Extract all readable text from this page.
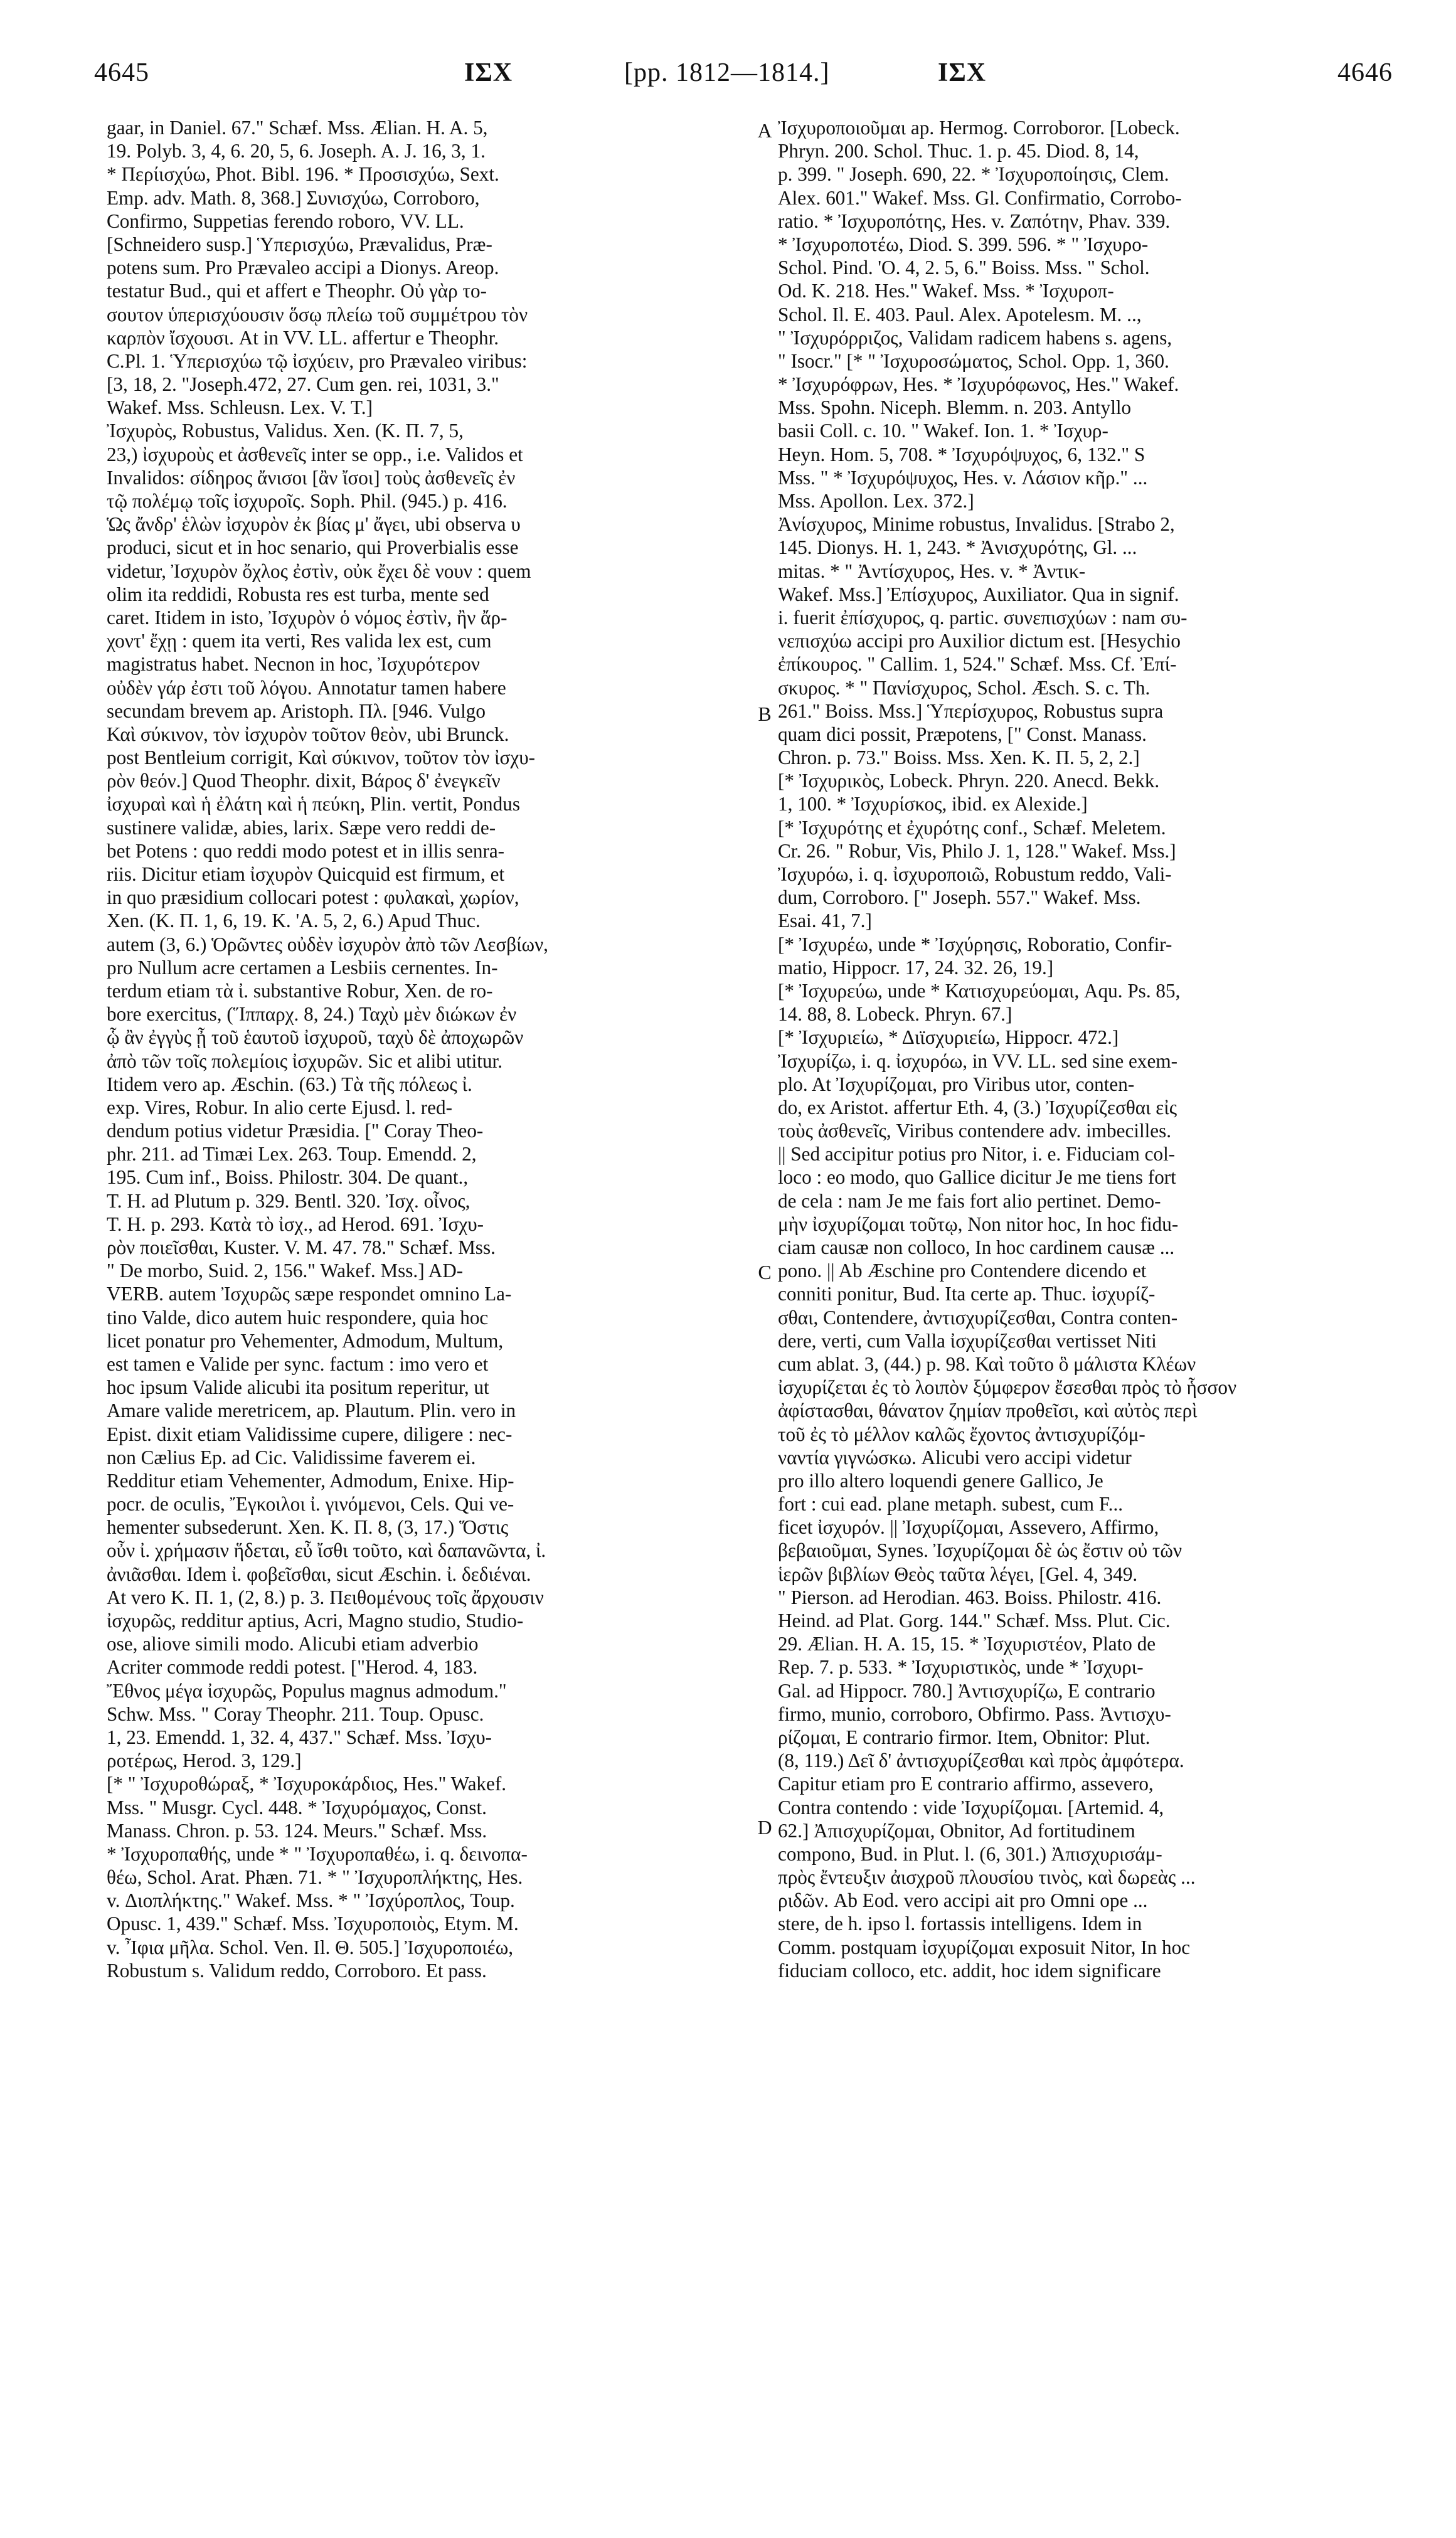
4645	ΙΣΧ	[pp. 1812—1814.]	ΙΣΧ	4646
gaar, in Daniel. 67." Schæf. Mss. Ælian. H. A. 5,
19. Polyb. 3, 4, 6. 20, 5, 6. Joseph. A. J. 16, 3, 1.
* Περίισχύω, Phot. Bibl. 196. * Προσισχύω, Sext.
Emp. adv. Math. 8, 368.] Συνισχύω, Corroboro,
Confirmo, Suppetias ferendo roboro, VV. LL.
[Schneidero susp.] Ὑπερισχύω, Prævalidus, Præ-
potens sum. Pro Prævaleo accipi a Dionys. Areop.
testatur Bud., qui et affert e Theophr. Οὐ γὰρ το-
σουτον ὑπερισχύουσιν ὅσῳ πλείω τοῦ συμμέτρου τὸν
καρπὸν ἴσχουσι. At in VV. LL. affertur e Theophr.
C.Pl. 1. Ὑπερισχύω τῷ ἰσχύειν, pro Prævaleo viribus:
[3, 18, 2. "Joseph.472, 27. Cum gen. rei, 1031, 3."
Wakef. Mss. Schleusn. Lex. V. T.]
Ἰσχυρὸς, Robustus, Validus. Xen. (K. Π. 7, 5,
23,) ἰσχυροὺς et ἀσθενεῖς inter se opp., i.e. Validos et
Invalidos: σίδηρος ἄνισοι [ἂν ἴσοι] τοὺς ἀσθενεῖς ἐν
τῷ πολέμῳ τοῖς ἰσχυροῖς. Soph. Phil. (945.) p. 416.
Ὡς ἄνδρ' ἑλὼν ἰσχυρὸν ἐκ βίας μ' ἄγει, ubi observa υ
produci, sicut et in hoc senario, qui Proverbialis esse
videtur, Ἰσχυρὸν ὄχλος ἐστὶν, οὐκ ἔχει δὲ νουν : quem
olim ita reddidi, Robusta res est turba, mente sed
caret. Itidem in isto, Ἰσχυρὸν ὁ νόμος ἐστὶν, ἢν ἄρ-
χοντ' ἔχῃ : quem ita verti, Res valida lex est, cum
magistratus habet. Necnon in hoc, Ἰσχυρότερον
οὐδὲν γάρ ἐστι τοῦ λόγου. Annotatur tamen habere
secundam brevem ap. Aristoph. Πλ. [946. Vulgo
Καὶ σύκινον, τὸν ἰσχυρὸν τοῦτον θεὸν, ubi Brunck.
post Bentleium corrigit, Καὶ σύκινον, τοῦτον τὸν ἰσχυ-
ρὸν θεόν.] Quod Theophr. dixit, Βάρος δ' ἐνεγκεῖν
ἰσχυραὶ καὶ ἡ ἐλάτη καὶ ἡ πεύκη, Plin. vertit, Pondus
sustinere validæ, abies, larix. Sæpe vero reddi de-
bet Potens : quo reddi modo potest et in illis senra-
riis. Dicitur etiam ἰσχυρὸν Quicquid est firmum, et
in quo præsidium collocari potest : φυλακαὶ, χωρίον,
Xen. (K. Π. 1, 6, 19. K. 'A. 5, 2, 6.) Apud Thuc.
autem (3, 6.) Ὁρῶντες οὐδὲν ἰσχυρὸν ἀπὸ τῶν Λεσβίων,
pro Nullum acre certamen a Lesbiis cernentes. In-
terdum etiam τὰ ἰ. substantive Robur, Xen. de ro-
bore exercitus, (Ἵππαρχ. 8, 24.) Ταχὺ μὲν διώκων ἐν
ᾧ ἂν ἐγγὺς ᾖ τοῦ ἑαυτοῦ ἰσχυροῦ, ταχὺ δὲ ἀποχωρῶν
ἀπὸ τῶν τοῖς πολεμίοις ἰσχυρῶν. Sic et alibi utitur.
Itidem vero ap. Æschin. (63.) Τὰ τῆς πόλεως ἰ.
exp. Vires, Robur. In alio certe Ejusd. l. red-
dendum potius videtur Præsidia. [" Coray Theo-
phr. 211. ad Timæi Lex. 263. Toup. Emendd. 2,
195. Cum inf., Boiss. Philostr. 304. De quant.,
T. H. ad Plutum p. 329. Bentl. 320. Ἰσχ. οἶνος,
T. H. p. 293. Κατὰ τὸ ἰσχ., ad Herod. 691. Ἰσχυ-
ρὸν ποιεῖσθαι, Kuster. V. M. 47. 78." Schæf. Mss.
" De morbo, Suid. 2, 156." Wakef. Mss.] AD-
VERB. autem Ἰσχυρῶς sæpe respondet omnino La-
tino Valde, dico autem huic respondere, quia hoc
licet ponatur pro Vehementer, Admodum, Multum,
est tamen e Valide per sync. factum : imo vero et
hoc ipsum Valide alicubi ita positum reperitur, ut
Amare valide meretricem, ap. Plautum. Plin. vero in
Epist. dixit etiam Validissime cupere, diligere : nec-
non Cælius Ep. ad Cic. Validissime faverem ei.
Redditur etiam Vehementer, Admodum, Enixe. Hip-
pocr. de oculis, Ἔγκοιλοι ἰ. γινόμενοι, Cels. Qui ve-
hementer subsederunt. Xen. K. Π. 8, (3, 17.) Ὅστις
οὖν ἰ. χρήμασιν ἥδεται, εὖ ἴσθι τοῦτο, καὶ δαπανῶντα, ἰ.
ἀνιᾶσθαι. Idem ἰ. φοβεῖσθαι, sicut Æschin. ἰ. δεδιέναι.
At vero K. Π. 1, (2, 8.) p. 3. Πειθομένους τοῖς ἄρχουσιν
ἰσχυρῶς, redditur aptius, Acri, Magno studio, Studio-
ose, aliove simili modo. Alicubi etiam adverbio
Acriter commode reddi potest. ["Herod. 4, 183.
Ἔθνος μέγα ἰσχυρῶς, Populus magnus admodum."
Schw. Mss. " Coray Theophr. 211. Toup. Opusc.
1, 23. Emendd. 1, 32. 4, 437." Schæf. Mss. Ἰσχυ-
ροτέρως, Herod. 3, 129.]
[* " Ἰσχυροθώραξ, * Ἰσχυροκάρδιος, Hes." Wakef.
Mss. " Musgr. Cycl. 448. * Ἰσχυρόμαχος, Const.
Manass. Chron. p. 53. 124. Meurs." Schæf. Mss.
* Ἰσχυροπαθής, unde * " Ἰσχυροπαθέω, i. q. δεινοπα-
θέω, Schol. Arat. Phæn. 71. * " Ἰσχυροπλήκτης, Hes.
v. Διοπλήκτης." Wakef. Mss. * " Ἰσχύροπλος, Toup.
Opusc. 1, 439." Schæf. Mss. Ἰσχυροποιὸς, Etym. M.
v. Ἶφια μῆλα. Schol. Ven. Il. Θ. 505.] Ἰσχυροποιέω,
Robustum s. Validum reddo, Corroboro. Et pass.
Ἰσχυροποιοῦμαι ap. Hermog. Corroboror. [Lobeck.
Phryn. 200. Schol. Thuc. 1. p. 45. Diod. 8, 14,
p. 399. " Joseph. 690, 22. * Ἰσχυροποίησις, Clem.
Alex. 601." Wakef. Mss. Gl. Confirmatio, Corrobo-
ratio. * Ἰσχυροπότης, Hes. v. Ζαπότην, Phav. 339.
* Ἰσχυροποτέω, Diod. S. 399. 596. * " Ἰσχυρο-
Schol. Pind. 'O. 4, 2. 5, 6." Boiss. Mss. " Schol.
Od. K. 218. Hes." Wakef. Mss. * Ἰσχυροπ-
Schol. Il. E. 403. Paul. Alex. Apotelesm. M. ..,
" Ἰσχυρόρριζος, Validam radicem habens s. agens,
" Isocr." [* " Ἰσχυροσώματος, Schol. Opp. 1, 360.
* Ἰσχυρόφρων, Hes. * Ἰσχυρόφωνος, Hes." Wakef.
Mss. Spohn. Niceph. Blemm. n. 203. Antyllo
basii Coll. c. 10. " Wakef. Ion. 1. * Ἰσχυρ-
Heyn. Hom. 5, 708. * Ἰσχυρόψυχος, 6, 132." S
Mss. " * Ἰσχυρόψυχος, Hes. v. Λάσιον κῆρ." ...
Mss. Apollon. Lex. 372.]
Ἀνίσχυρος, Minime robustus, Invalidus. [Strabo 2,
145. Dionys. H. 1, 243. * Ἀνισχυρότης, Gl. ...
mitas. * " Ἀντίσχυρος, Hes. v. * Ἀντικ-
Wakef. Mss.] Ἐπίσχυρος, Auxiliator. Qua in signif.
i. fuerit ἐπίσχυρος, q. partic. συνεπισχύων : nam συ-
νεπισχύω accipi pro Auxilior dictum est. [Hesychio
ἐπίκουρος. " Callim. 1, 524." Schæf. Mss. Cf. Ἐπί-
σκυρος. * " Πανίσχυρος, Schol. Æsch. S. c. Th.
261." Boiss. Mss.] Ὑπερίσχυρος, Robustus supra
quam dici possit, Præpotens, [" Const. Manass.
Chron. p. 73." Boiss. Mss. Xen. K. Π. 5, 2, 2.]
[* Ἰσχυρικὸς, Lobeck. Phryn. 220. Anecd. Bekk.
1, 100. * Ἰσχυρίσκος, ibid. ex Alexide.]
[* Ἰσχυρότης et ἐχυρότης conf., Schæf. Meletem.
Cr. 26. " Robur, Vis, Philo J. 1, 128." Wakef. Mss.]
Ἰσχυρόω, i. q. ἰσχυροποιῶ, Robustum reddo, Vali-
dum, Corroboro. [" Joseph. 557." Wakef. Mss.
Esai. 41, 7.]
[* Ἰσχυρέω, unde * Ἰσχύρησις, Roboratio, Confir-
matio, Hippocr. 17, 24. 32. 26, 19.]
[* Ἰσχυρεύω, unde * Κατισχυρεύομαι, Aqu. Ps. 85,
14. 88, 8. Lobeck. Phryn. 67.]
[* Ἰσχυριείω, * Διϊσχυριείω, Hippocr. 472.]
Ἰσχυρίζω, i. q. ἰσχυρόω, in VV. LL. sed sine exem-
plo. At Ἰσχυρίζομαι, pro Viribus utor, conten-
do, ex Aristot. affertur Eth. 4, (3.) Ἰσχυρίζεσθαι εἰς
τοὺς ἀσθενεῖς, Viribus contendere adv. imbecilles.
|| Sed accipitur potius pro Nitor, i. e. Fiduciam col-
loco : eo modo, quo Gallice dicitur Je me tiens fort
de cela : nam Je me fais fort alio pertinet. Demo-
μὴν ἰσχυρίζομαι τοῦτῳ, Non nitor hoc, In hoc fidu-
ciam causæ non colloco, In hoc cardinem causæ ...
pono. || Ab Æschine pro Contendere dicendo et
conniti ponitur, Bud. Ita certe ap. Thuc. ἰσχυρίζ-
σθαι, Contendere, ἀντισχυρίζεσθαι, Contra conten-
dere, verti, cum Valla ἰσχυρίζεσθαι vertisset Niti
cum ablat. 3, (44.) p. 98. Καὶ τοῦτο ὃ μάλιστα Κλέων
ἰσχυρίζεται ἐς τὸ λοιπὸν ξύμφερον ἔσεσθαι πρὸς τὸ ἧσσον
ἀφίστασθαι, θάνατον ζημίαν προθεῖσι, καὶ αὐτὸς περὶ
τοῦ ἐς τὸ μέλλον καλῶς ἔχοντος ἀντισχυρίζόμ-
ναντία γιγνώσκω. Alicubi vero accipi videtur
pro illo altero loquendi genere Gallico, Je
fort : cui ead. plane metaph. subest, cum F...
ficet ἰσχυρόν. || Ἰσχυρίζομαι, Assevero, Affirmo,
βεβαιοῦμαι, Synes. Ἰσχυρίζομαι δὲ ὡς ἔστιν οὐ τῶν
ἱερῶν βιβλίων Θεὸς ταῦτα λέγει, [Gel. 4, 349.
" Pierson. ad Herodian. 463. Boiss. Philostr. 416.
Heind. ad Plat. Gorg. 144." Schæf. Mss. Plut. Cic.
29. Ælian. H. A. 15, 15. * Ἰσχυριστέον, Plato de
Rep. 7. p. 533. * Ἰσχυριστικὸς, unde * Ἰσχυρι-
Gal. ad Hippocr. 780.] Ἀντισχυρίζω, E contrario
firmo, munio, corroboro, Obfirmo. Pass. Ἀντισχυ-
ρίζομαι, E contrario firmor. Item, Obnitor: Plut.
(8, 119.) Δεῖ δ' ἀντισχυρίζεσθαι καὶ πρὸς ἀμφότερα.
Capitur etiam pro E contrario affirmo, assevero,
Contra contendo : vide Ἰσχυρίζομαι. [Artemid. 4,
62.] Ἀπισχυρίζομαι, Obnitor, Ad fortitudinem
compono, Bud. in Plut. l. (6, 301.) Ἀπισχυρισάμ-
πρὸς ἔντευξιν ἀισχροῦ πλουσίου τινὸς, καὶ δωρεὰς ...
ριδῶν. Ab Eod. vero accipi ait pro Omni ope ...
stere, de h. ipso l. fortassis intelligens. Idem in
Comm. postquam ἰσχυρίζομαι exposuit Nitor, In hoc
fiduciam colloco, etc. addit, hoc idem significare
A
B
C
D
